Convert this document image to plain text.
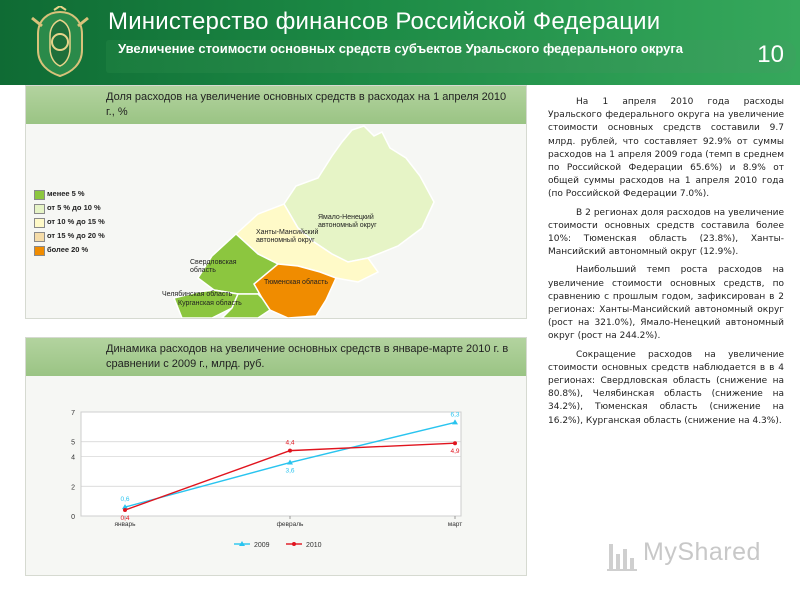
Министерство финансов Российской Федерации
Увеличение стоимости основных средств субъектов Уральского федерального округа	10
Доля расходов на увеличение основных средств в расходах на 1 апреля 2010 г., %
менее 5 %
от 5 % до 10 %
от 10 % до 15 %
от 15 % до 20 %
более 20 %
Ямало-Ненецкий автономный округ
Ханты-Мансийский автономный округ
Свердловская область
Тюменская область
Челябинская область
Курганская область
Динамика расходов на увеличение основных средств в январе-марте 2010 г. в сравнении с 2009 г., млрд. руб.
0
2
4
5
7
январь	февраль	март
0,6
3,6
6,3
0,4
4,4
4,9
2009	2010

На 1 апреля 2010 года расходы Уральского федерального округа на увеличение стоимости основных средств составили 9.7 млрд. рублей, что составляет 92.9% от суммы расходов на 1 апреля 2009 года (темп в среднем по Российской Федерации 65.6%) и 8.9% от общей суммы расходов на 1 апреля 2010 года (по Российской Федерации 7.0%).

В 2 регионах доля расходов на увеличение стоимости основных средств составила более 10%: Тюменская область (23.8%), Ханты-Мансийский автономный округ (12.9%).

Наибольший темп роста расходов на увеличение стоимости основных средств, по сравнению с прошлым годом, зафиксирован в 2 регионах: Ханты-Мансийский автономный округ (рост на 321.0%), Ямало-Ненецкий автономный округ (рост на 244.2%).

Сокращение расходов на увеличение стоимости основных средств наблюдается в в 4 регионах: Свердловская область (снижение на 80.8%), Челябинская область (снижение на 34.2%), Тюменская область (снижение на 16.2%), Курганская область (снижение на 4.3%).

MyShared
